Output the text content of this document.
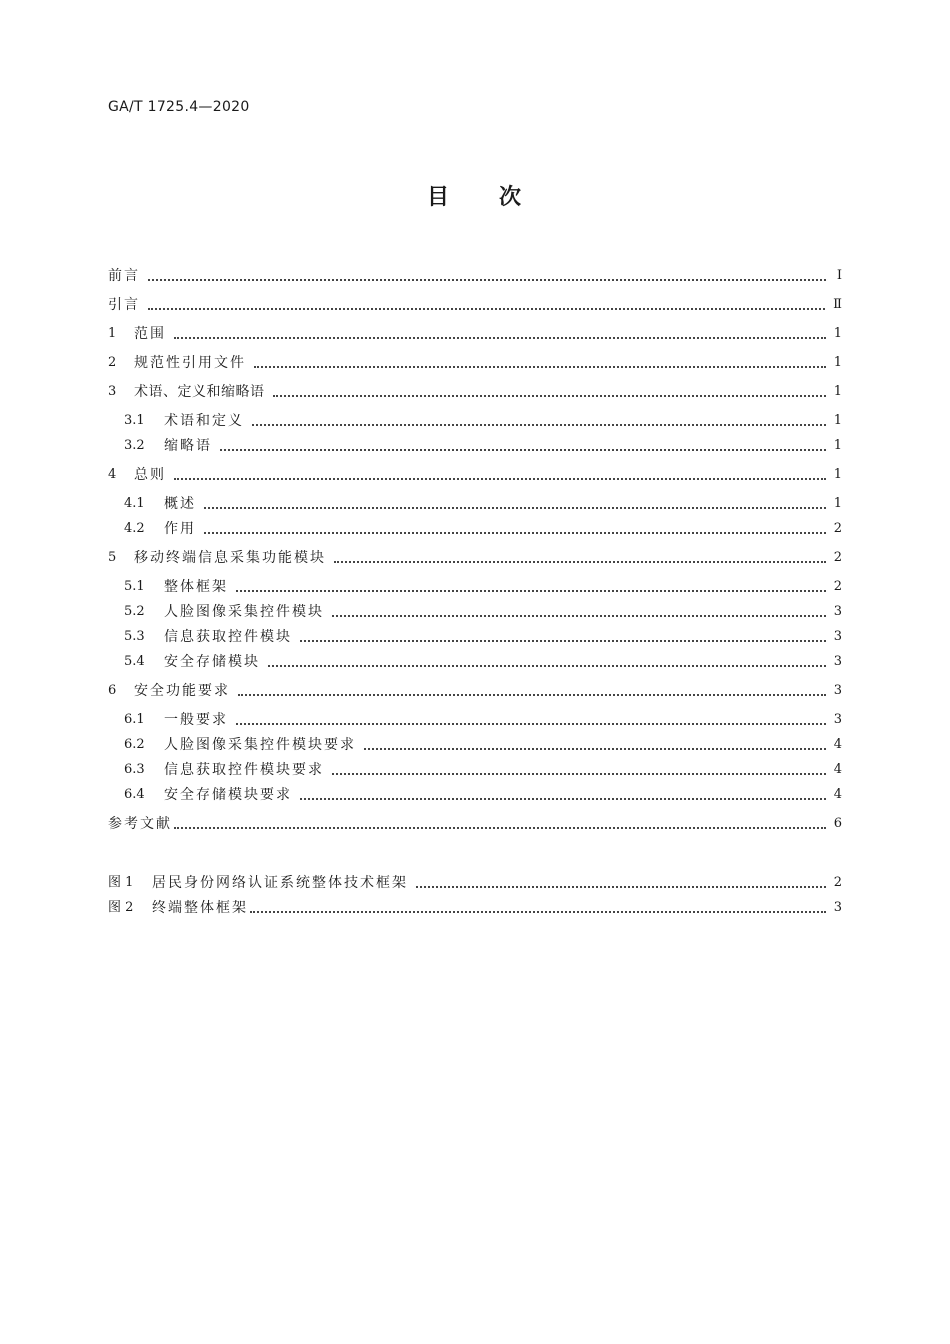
GA/T 1725.4—2020
目 次
前言	Ⅰ
引言	Ⅱ
1	范围	1
2	规范性引用文件	1
3	术语、定义和缩略语	1
3.1	术语和定义	1
3.2	缩略语	1
4	总则	1
4.1	概述	1
4.2	作用	2
5	移动终端信息采集功能模块	2
5.1	整体框架	2
5.2	人脸图像采集控件模块	3
5.3	信息获取控件模块	3
5.4	安全存储模块	3
6	安全功能要求	3
6.1	一般要求	3
6.2	人脸图像采集控件模块要求	4
6.3	信息获取控件模块要求	4
6.4	安全存储模块要求	4
参考文献	6
图 1	居民身份网络认证系统整体技术框架	2
图 2	终端整体框架	3
